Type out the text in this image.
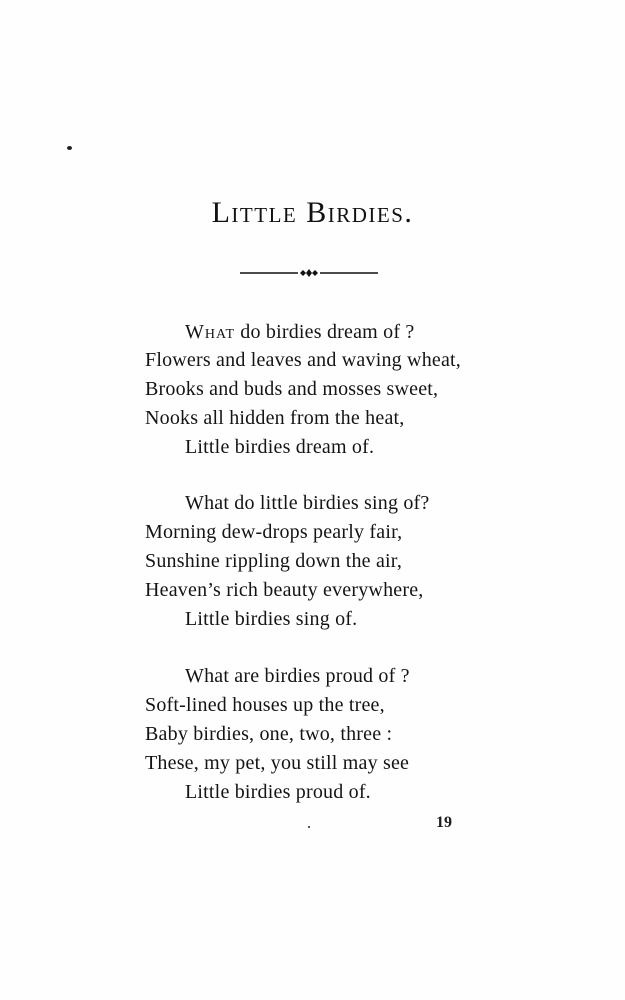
Little Birdies.
What do birdies dream of ?
Flowers and leaves and waving wheat,
Brooks and buds and mosses sweet,
Nooks all hidden from the heat,
Little birdies dream of.
What do little birdies sing of?
Morning dew-drops pearly fair,
Sunshine rippling down the air,
Heaven’s rich beauty everywhere,
Little birdies sing of.
What are birdies proud of ?
Soft-lined houses up the tree,
Baby birdies, one, two, three :
These, my pet, you still may see
Little birdies proud of.
19
